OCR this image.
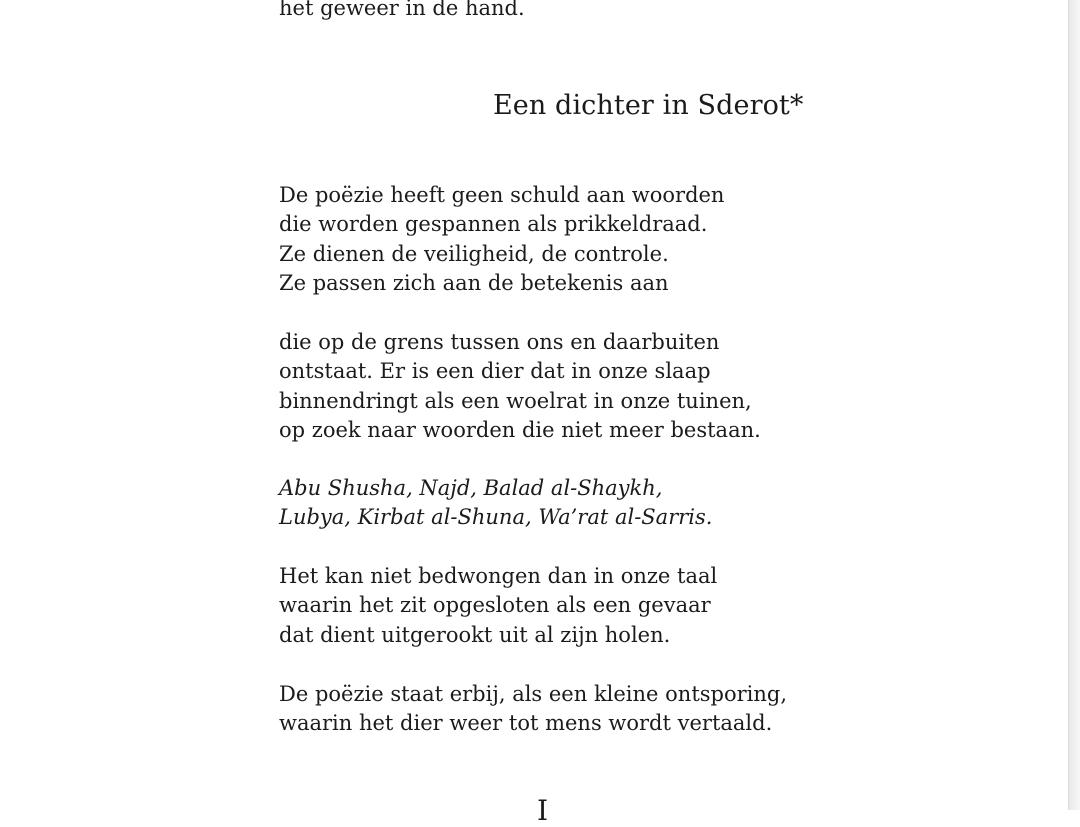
het geweer in de hand.
Een dichter in Sderot*
De poëzie heeft geen schuld aan woorden
die worden gespannen als prikkeldraad.
Ze dienen de veiligheid, de controle.
Ze passen zich aan de betekenis aan
die op de grens tussen ons en daarbuiten
ontstaat. Er is een dier dat in onze slaap
binnendringt als een woelrat in onze tuinen,
op zoek naar woorden die niet meer bestaan.
Abu Shusha, Najd, Balad al-Shaykh,
Lubya, Kirbat al-Shuna, Wa’rat al-Sarris.
Het kan niet bedwongen dan in onze taal
waarin het zit opgesloten als een gevaar
dat dient uitgerookt uit al zijn holen.
De poëzie staat erbij, als een kleine ontsporing,
waarin het dier weer tot mens wordt vertaald.
I
